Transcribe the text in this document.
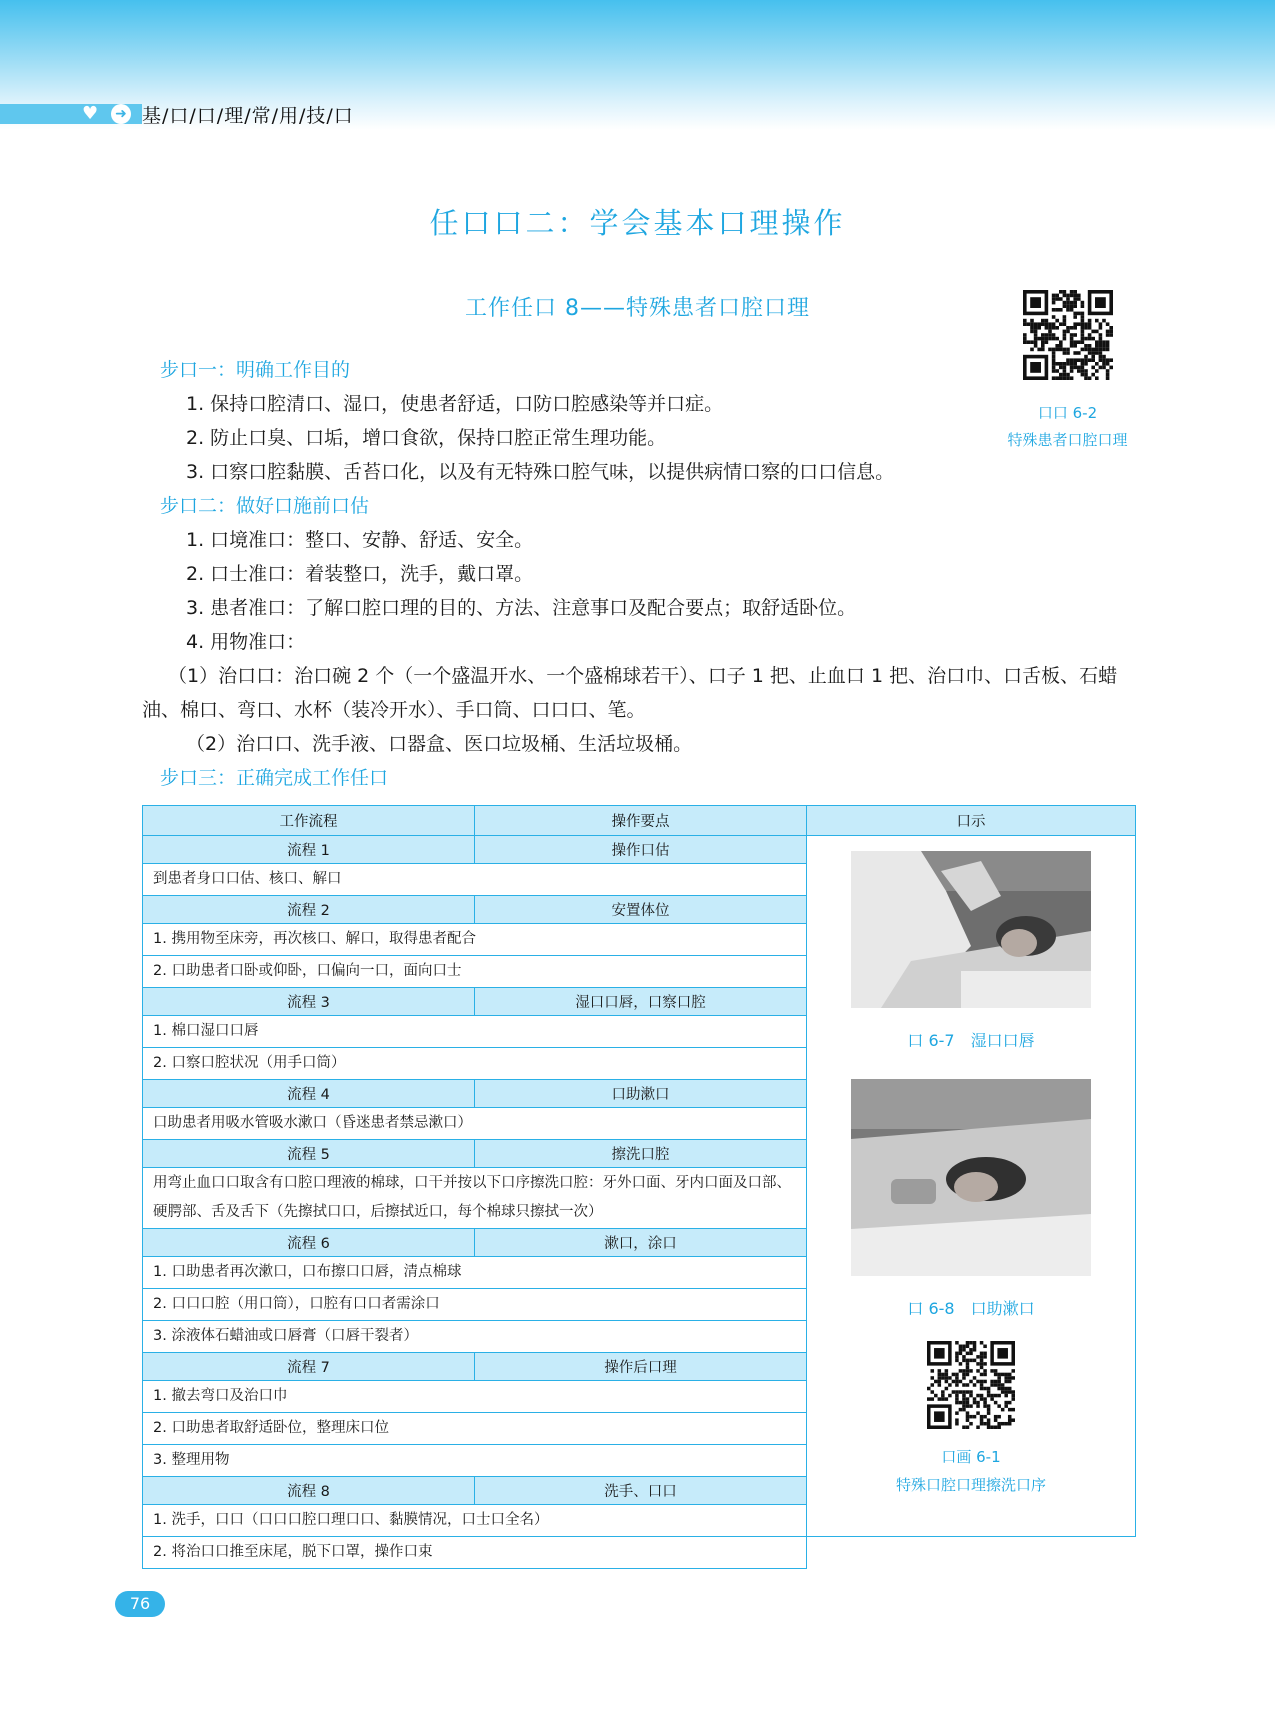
♥	➜ 基/口/口/理/常/用/技/口
任口口二：学会基本口理操作
工作任口 8——特殊患者口腔口理
口口 6-2
特殊患者口腔口理
步口一：明确工作目的
1. 保持口腔清口、湿口，使患者舒适，口防口腔感染等并口症。
2. 防止口臭、口垢，增口食欲，保持口腔正常生理功能。
3. 口察口腔黏膜、舌苔口化，以及有无特殊口腔气味，以提供病情口察的口口信息。
步口二：做好口施前口估
1. 口境准口：整口、安静、舒适、安全。
2. 口士准口：着装整口，洗手，戴口罩。
3. 患者准口：了解口腔口理的目的、方法、注意事口及配合要点；取舒适卧位。
4. 用物准口：
（1）治口口：治口碗 2 个（一个盛温开水、一个盛棉球若干）、口子 1 把、止血口 1 把、治口巾、口舌板、石蜡油、棉口、弯口、水杯（装冷开水）、手口筒、口口口、笔。
（2）治口口、洗手液、口器盒、医口垃圾桶、生活垃圾桶。
步口三：正确完成工作任口
工作流程	操作要点	口示
流程 1	操作口估	口 6-7　湿口口唇
口 6-8　口助漱口
口画 6-1
特殊口腔口理擦洗口序

到患者身口口估、核口、解口		
流程 2	安置体位	
1. 携用物至床旁，再次核口、解口，取得患者配合		
2. 口助患者口卧或仰卧，口偏向一口，面向口士		
流程 3	湿口口唇，口察口腔	
1. 棉口湿口口唇		
2. 口察口腔状况（用手口筒）		
流程 4	口助漱口	
口助患者用吸水管吸水漱口（昏迷患者禁忌漱口）		
流程 5	擦洗口腔	
用弯止血口口取含有口腔口理液的棉球，口干并按以下口序擦洗口腔：牙外口面、牙内口面及口部、硬腭部、舌及舌下（先擦拭口口，后擦拭近口，每个棉球只擦拭一次）		
流程 6	漱口，涂口	
1. 口助患者再次漱口，口布擦口口唇，清点棉球		
2. 口口口腔（用口筒），口腔有口口者需涂口		
3. 涂液体石蜡油或口唇膏（口唇干裂者）		
流程 7	操作后口理	
1. 撤去弯口及治口巾		
2. 口助患者取舒适卧位，整理床口位		
3. 整理用物		
流程 8	洗手、口口	
1. 洗手，口口（口口口腔口理口口、黏膜情况，口士口全名）		
2. 将治口口推至床尾，脱下口罩，操作口束		
76
